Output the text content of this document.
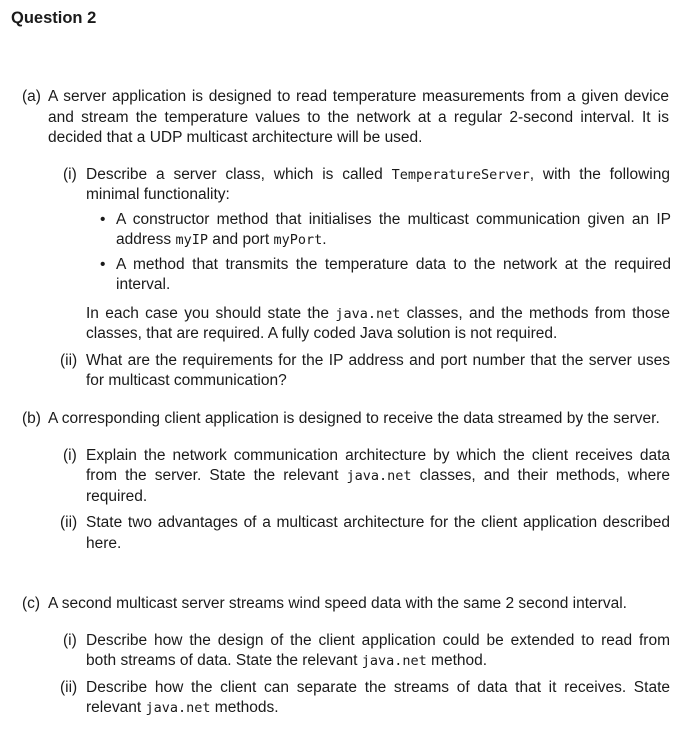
Question 2
(a) A server application is designed to read temperature measurements from a given device and stream the temperature values to the network at a regular 2-second interval. It is decided that a UDP multicast architecture will be used.
(i) Describe a server class, which is called TemperatureServer, with the following minimal functionality:
• A constructor method that initialises the multicast communication given an IP address myIP and port myPort.
• A method that transmits the temperature data to the network at the required interval.
In each case you should state the java.net classes, and the methods from those classes, that are required. A fully coded Java solution is not required.
(ii) What are the requirements for the IP address and port number that the server uses for multicast communication?
(b) A corresponding client application is designed to receive the data streamed by the server.
(i) Explain the network communication architecture by which the client receives data from the server. State the relevant java.net classes, and their methods, where required.
(ii) State two advantages of a multicast architecture for the client application described here.
(c) A second multicast server streams wind speed data with the same 2 second interval.
(i) Describe how the design of the client application could be extended to read from both streams of data. State the relevant java.net method.
(ii) Describe how the client can separate the streams of data that it receives. State relevant java.net methods.
